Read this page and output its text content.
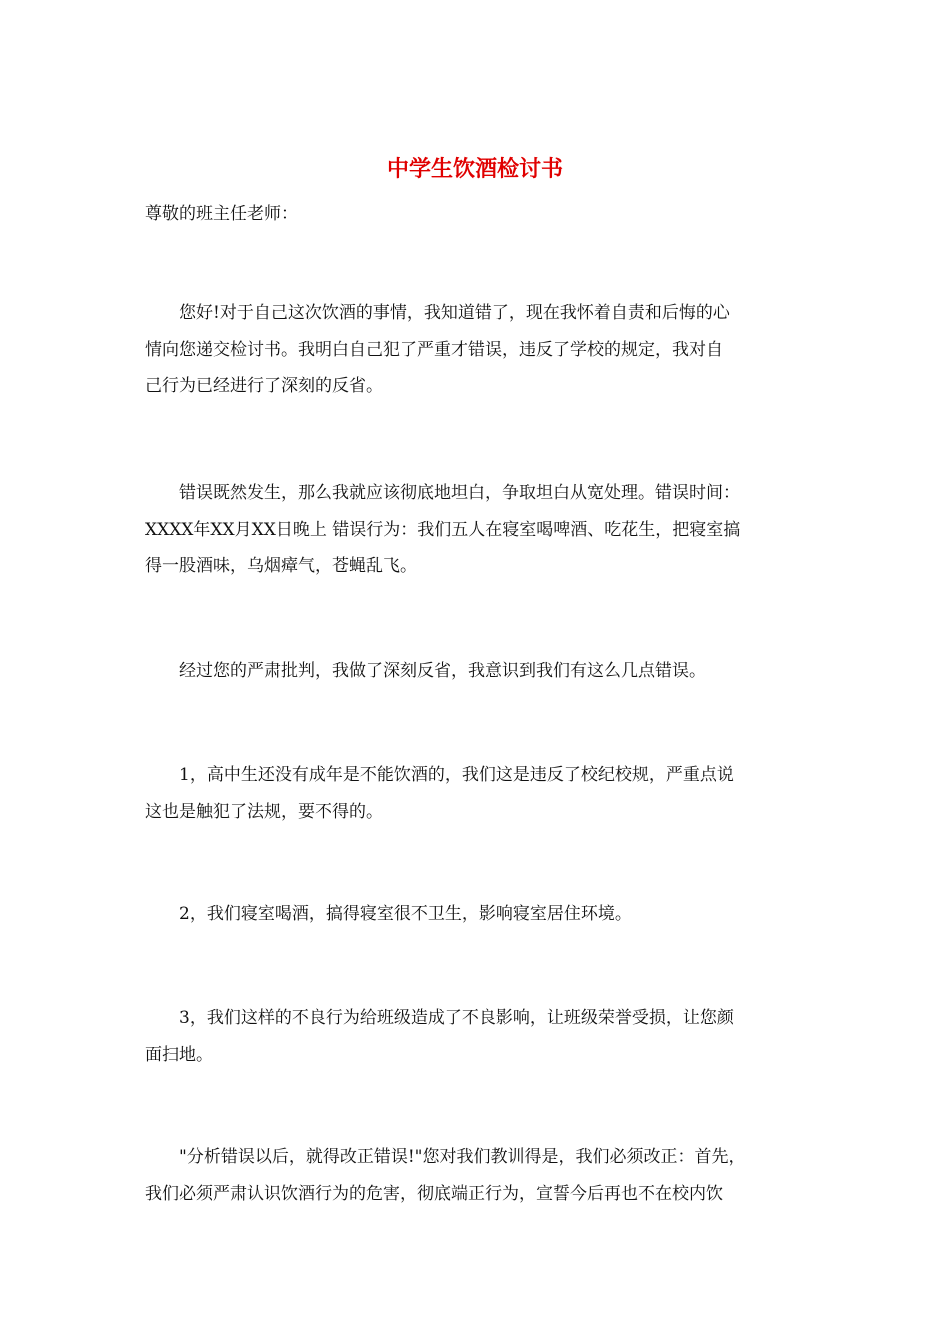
中学生饮酒检讨书

尊敬的班主任老师：

您好!对于自己这次饮酒的事情，我知道错了，现在我怀着自责和后悔的心
情向您递交检讨书。我明白自己犯了严重才错误，违反了学校的规定，我对自
己行为已经进行了深刻的反省。

错误既然发生，那么我就应该彻底地坦白，争取坦白从宽处理。错误时间：
XXXX年XX月XX日晚上 错误行为：我们五人在寝室喝啤酒、吃花生，把寝室搞
得一股酒味，乌烟瘴气，苍蝇乱飞。

经过您的严肃批判，我做了深刻反省，我意识到我们有这么几点错误。

1，高中生还没有成年是不能饮酒的，我们这是违反了校纪校规，严重点说
这也是触犯了法规，要不得的。

2，我们寝室喝酒，搞得寝室很不卫生，影响寝室居住环境。

3，我们这样的不良行为给班级造成了不良影响，让班级荣誉受损，让您颜
面扫地。

"分析错误以后，就得改正错误!"您对我们教训得是，我们必须改正：首先，
我们必须严肃认识饮酒行为的危害，彻底端正行为，宣誓今后再也不在校内饮
